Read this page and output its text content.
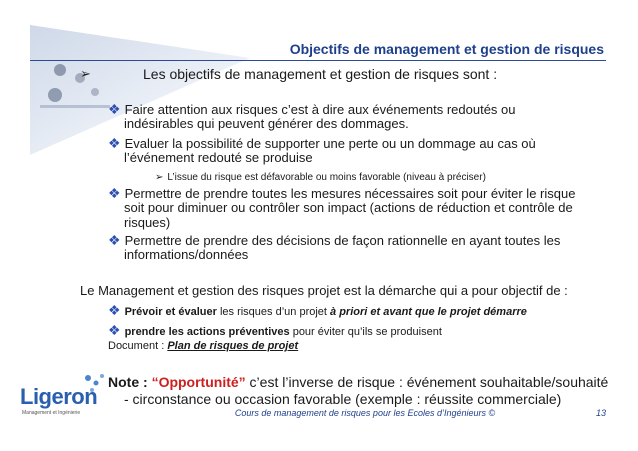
Objectifs de management et gestion de risques
➢	Les objectifs de management et gestion de risques sont :
❖ Faire attention aux risques c’est à dire aux événements redoutés ou
indésirables qui peuvent générer des dommages.
❖ Evaluer la possibilité de supporter une perte ou un dommage au cas où
l’événement redouté se produise
➢ L’issue du risque est défavorable ou moins favorable (niveau à préciser)
❖ Permettre de prendre toutes les mesures nécessaires soit pour éviter le risque
soit pour diminuer ou contrôler son impact (actions de réduction et contrôle de
risques)
❖ Permettre de prendre des décisions de façon rationnelle en ayant toutes les
informations/données
Le Management et gestion des risques projet est la démarche qui a pour objectif de :
❖ Prévoir et évaluer les risques d’un projet à priori et avant que le projet démarre
❖ prendre les actions préventives pour éviter qu’ils se produisent
Document : Plan de risques de projet
Note : “Opportunité” c’est l’inverse de risque : événement souhaitable/souhaité
- circonstance ou occasion favorable (exemple : réussite commerciale)
Ligeron
Management et Ingénierie	Cours de management de risques pour les Ecoles d’Ingénieurs ©	13
